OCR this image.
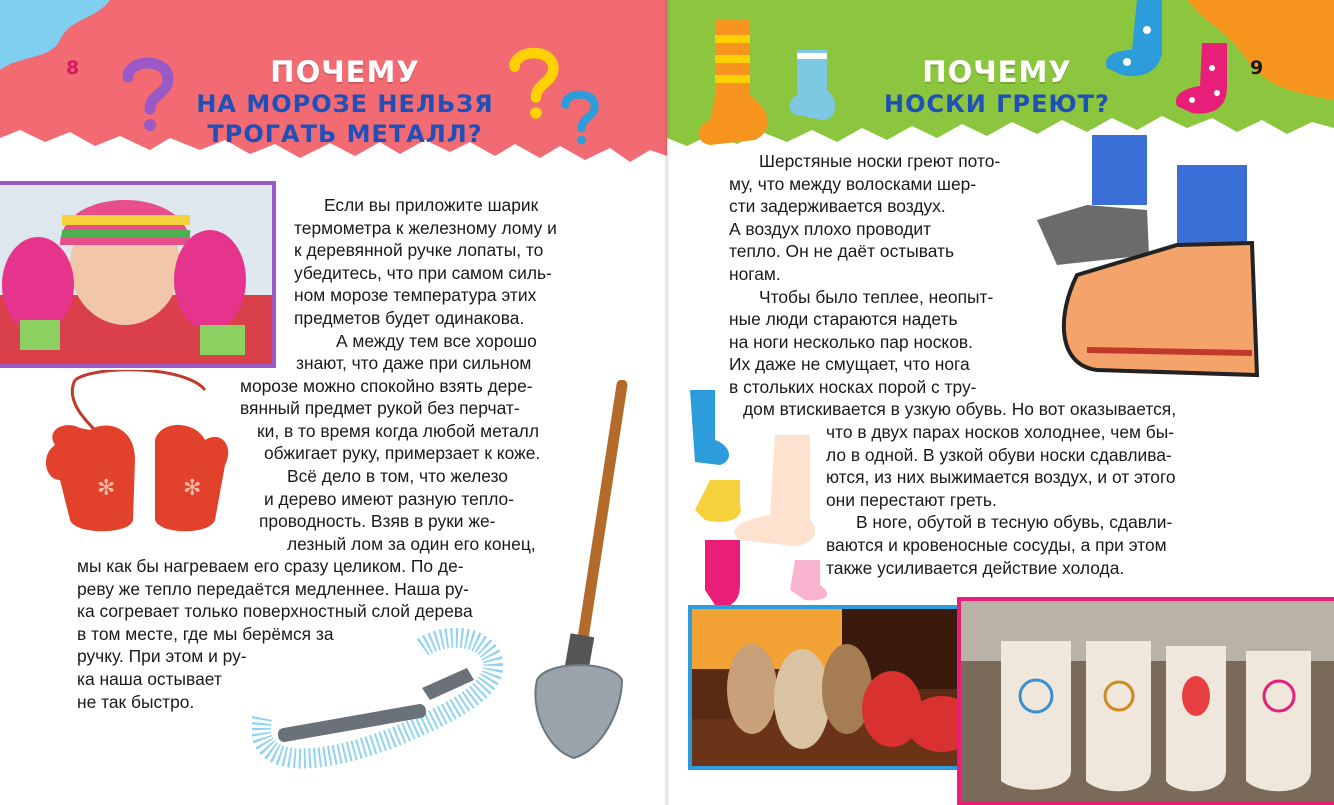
8	ПОЧЕМУ
НА МОРОЗЕ НЕЛЬЗЯ
ТРОГАТЬ МЕТАЛЛ?
✻	✻

Если вы приложите шарик

термометра к железному лому и

к деревянной ручке лопаты, то

убедитесь, что при самом силь-

ном морозе температура этих

предметов будет одинакова.

А между тем все хорошо

знают, что даже при сильном

морозе можно спокойно взять дере-

вянный предмет рукой без перчат-

ки, в то время когда любой металл

обжигает руку, примерзает к коже.

Всё дело в том, что железо

и дерево имеют разную тепло-

проводность. Взяв в руки же-

лезный лом за один его конец,

мы как бы нагреваем его сразу целиком. По де-

реву же тепло передаётся медленнее. Наша ру-

ка согревает только поверхностный слой дерева

в том месте, где мы берёмся за

ручку. При этом и ру-

ка наша остывает

не так быстро.

9
ПОЧЕМУ
НОСКИ ГРЕЮТ?

Шерстяные носки греют пото-

му, что между волосками шер-

сти задерживается воздух.

А воздух плохо проводит

тепло. Он не даёт остывать

ногам.

Чтобы было теплее, неопыт-

ные люди стараются надеть

на ноги несколько пар носков.

Их даже не смущает, что нога

в стольких носках порой с тру-

дом втискивается в узкую обувь. Но вот оказывается,

что в двух парах носков холоднее, чем бы-

ло в одной. В узкой обуви носки сдавлива-

ются, из них выжимается воздух, и от этого

они перестают греть.

В ноге, обутой в тесную обувь, сдавли-

ваются и кровеносные сосуды, а при этом

также усиливается действие холода.
